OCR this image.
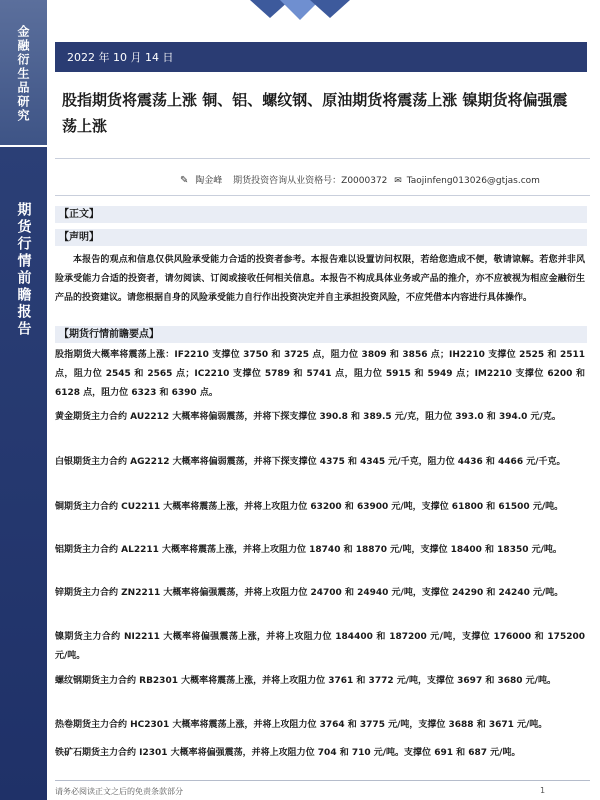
金融衍生品研究
期货行情前瞻报告
2022 年 10 月 14 日
股指期货将震荡上涨 铜、铝、螺纹钢、原油期货将震荡上涨 镍期货将偏强震荡上涨
✎ 陶金峰 期货投资咨询从业资格号：Z0000372 ✉ Taojinfeng013026@gtjas.com
【正文】
【声明】
本报告的观点和信息仅供风险承受能力合适的投资者参考。本报告难以设置访问权限，若给您造成不便，敬请谅解。若您并非风险承受能力合适的投资者，请勿阅读、订阅或接收任何相关信息。本报告不构成具体业务或产品的推介，亦不应被视为相应金融衍生产品的投资建议。请您根据自身的风险承受能力自行作出投资决定并自主承担投资风险，不应凭借本内容进行具体操作。
【期货行情前瞻要点】
股指期货大概率将震荡上涨：IF2210 支撑位 3750 和 3725 点，阻力位 3809 和 3856 点；IH2210 支撑位 2525 和 2511 点，阻力位 2545 和 2565 点；IC2210 支撑位 5789 和 5741 点，阻力位 5915 和 5949 点；IM2210 支撑位 6200 和 6128 点，阻力位 6323 和 6390 点。
黄金期货主力合约 AU2212 大概率将偏弱震荡，并将下探支撑位 390.8 和 389.5 元/克，阻力位 393.0 和 394.0 元/克。
白银期货主力合约 AG2212 大概率将偏弱震荡，并将下探支撑位 4375 和 4345 元/千克，阻力位 4436 和 4466 元/千克。
铜期货主力合约 CU2211 大概率将震荡上涨，并将上攻阻力位 63200 和 63900 元/吨，支撑位 61800 和 61500 元/吨。
铝期货主力合约 AL2211 大概率将震荡上涨，并将上攻阻力位 18740 和 18870 元/吨，支撑位 18400 和 18350 元/吨。
锌期货主力合约 ZN2211 大概率将偏强震荡，并将上攻阻力位 24700 和 24940 元/吨，支撑位 24290 和 24240 元/吨。
镍期货主力合约 NI2211 大概率将偏强震荡上涨，并将上攻阻力位 184400 和 187200 元/吨，支撑位 176000 和 175200 元/吨。
螺纹钢期货主力合约 RB2301 大概率将震荡上涨，并将上攻阻力位 3761 和 3772 元/吨，支撑位 3697 和 3680 元/吨。
热卷期货主力合约 HC2301 大概率将震荡上涨，并将上攻阻力位 3764 和 3775 元/吨，支撑位 3688 和 3671 元/吨。
铁矿石期货主力合约 I2301 大概率将偏强震荡，并将上攻阻力位 704 和 710 元/吨。支撑位 691 和 687 元/吨。
请务必阅读正文之后的免责条款部分	1
